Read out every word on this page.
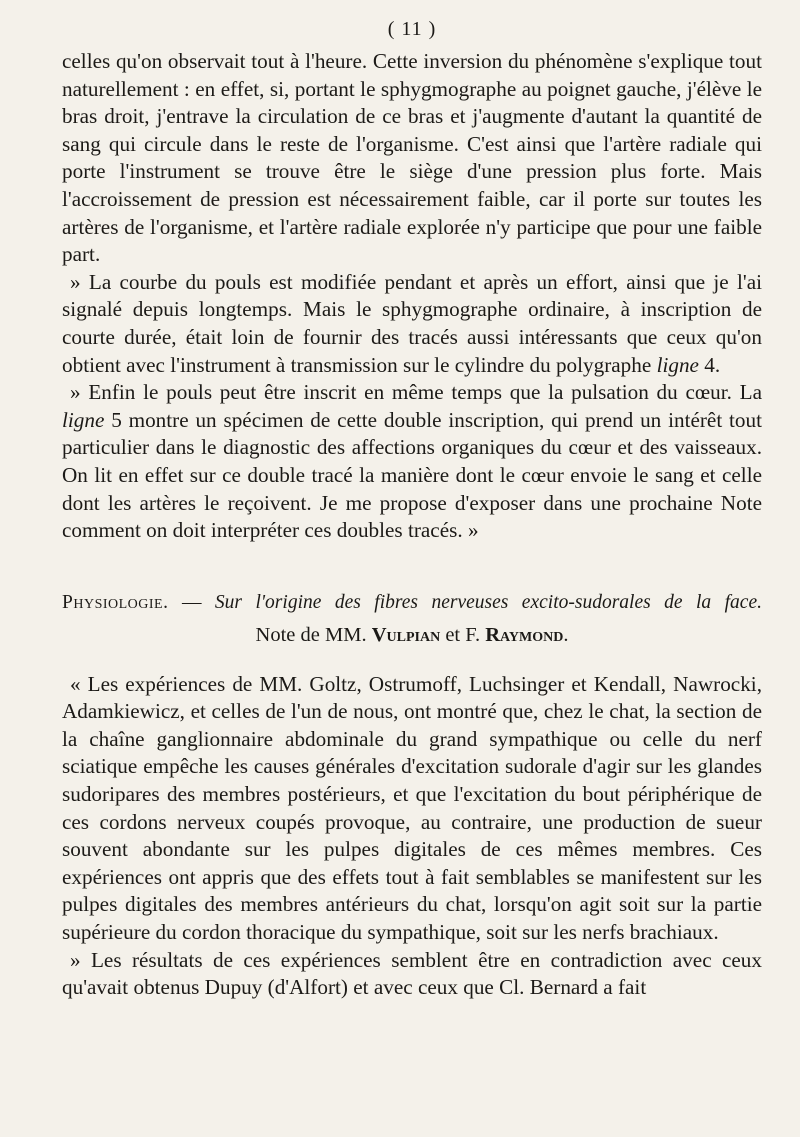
( 11 )

celles qu'on observait tout à l'heure. Cette inversion du phénomène s'explique tout naturellement : en effet, si, portant le sphygmographe au poignet gauche, j'élève le bras droit, j'entrave la circulation de ce bras et j'augmente d'autant la quantité de sang qui circule dans le reste de l'organisme. C'est ainsi que l'artère radiale qui porte l'instrument se trouve être le siège d'une pression plus forte. Mais l'accroissement de pression est nécessairement faible, car il porte sur toutes les artères de l'organisme, et l'artère radiale explorée n'y participe que pour une faible part.

» La courbe du pouls est modifiée pendant et après un effort, ainsi que je l'ai signalé depuis longtemps. Mais le sphygmographe ordinaire, à inscription de courte durée, était loin de fournir des tracés aussi intéressants que ceux qu'on obtient avec l'instrument à transmission sur le cylindre du polygraphe ligne 4.

» Enfin le pouls peut être inscrit en même temps que la pulsation du cœur. La ligne 5 montre un spécimen de cette double inscription, qui prend un intérêt tout particulier dans le diagnostic des affections organiques du cœur et des vaisseaux. On lit en effet sur ce double tracé la manière dont le cœur envoie le sang et celle dont les artères le reçoivent. Je me propose d'exposer dans une prochaine Note comment on doit interpréter ces doubles tracés. »

Physiologie. — Sur l'origine des fibres nerveuses excito-sudorales de la face.

Note de MM. Vulpian et F. Raymond.

« Les expériences de MM. Goltz, Ostrumoff, Luchsinger et Kendall, Nawrocki, Adamkiewicz, et celles de l'un de nous, ont montré que, chez le chat, la section de la chaîne ganglionnaire abdominale du grand sympathique ou celle du nerf sciatique empêche les causes générales d'excitation sudorale d'agir sur les glandes sudoripares des membres postérieurs, et que l'excitation du bout périphérique de ces cordons nerveux coupés provoque, au contraire, une production de sueur souvent abondante sur les pulpes digitales de ces mêmes membres. Ces expériences ont appris que des effets tout à fait semblables se manifestent sur les pulpes digitales des membres antérieurs du chat, lorsqu'on agit soit sur la partie supérieure du cordon thoracique du sympathique, soit sur les nerfs brachiaux.

» Les résultats de ces expériences semblent être en contradiction avec ceux qu'avait obtenus Dupuy (d'Alfort) et avec ceux que Cl. Bernard a fait
